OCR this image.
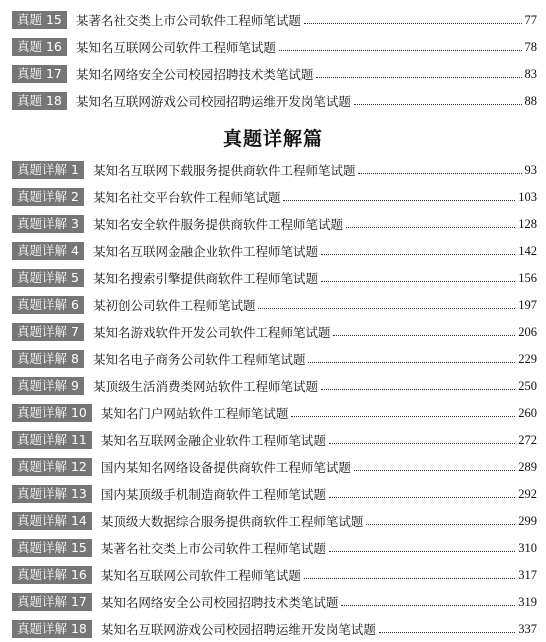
真题 15	某著名社交类上市公司软件工程师笔试题	77
真题 16	某知名互联网公司软件工程师笔试题	78
真题 17	某知名网络安全公司校园招聘技术类笔试题	83
真题 18	某知名互联网游戏公司校园招聘运维开发岗笔试题	88
真题详解篇
真题详解 1	某知名互联网下载服务提供商软件工程师笔试题	93
真题详解 2	某知名社交平台软件工程师笔试题	103
真题详解 3	某知名安全软件服务提供商软件工程师笔试题	128
真题详解 4	某知名互联网金融企业软件工程师笔试题	142
真题详解 5	某知名搜索引擎提供商软件工程师笔试题	156
真题详解 6	某初创公司软件工程师笔试题	197
真题详解 7	某知名游戏软件开发公司软件工程师笔试题	206
真题详解 8	某知名电子商务公司软件工程师笔试题	229
真题详解 9	某顶级生活消费类网站软件工程师笔试题	250
真题详解 10	某知名门户网站软件工程师笔试题	260
真题详解 11	某知名互联网金融企业软件工程师笔试题	272
真题详解 12	国内某知名网络设备提供商软件工程师笔试题	289
真题详解 13	国内某顶级手机制造商软件工程师笔试题	292
真题详解 14	某顶级大数据综合服务提供商软件工程师笔试题	299
真题详解 15	某著名社交类上市公司软件工程师笔试题	310
真题详解 16	某知名互联网公司软件工程师笔试题	317
真题详解 17	某知名网络安全公司校园招聘技术类笔试题	319
真题详解 18	某知名互联网游戏公司校园招聘运维开发岗笔试题	337
